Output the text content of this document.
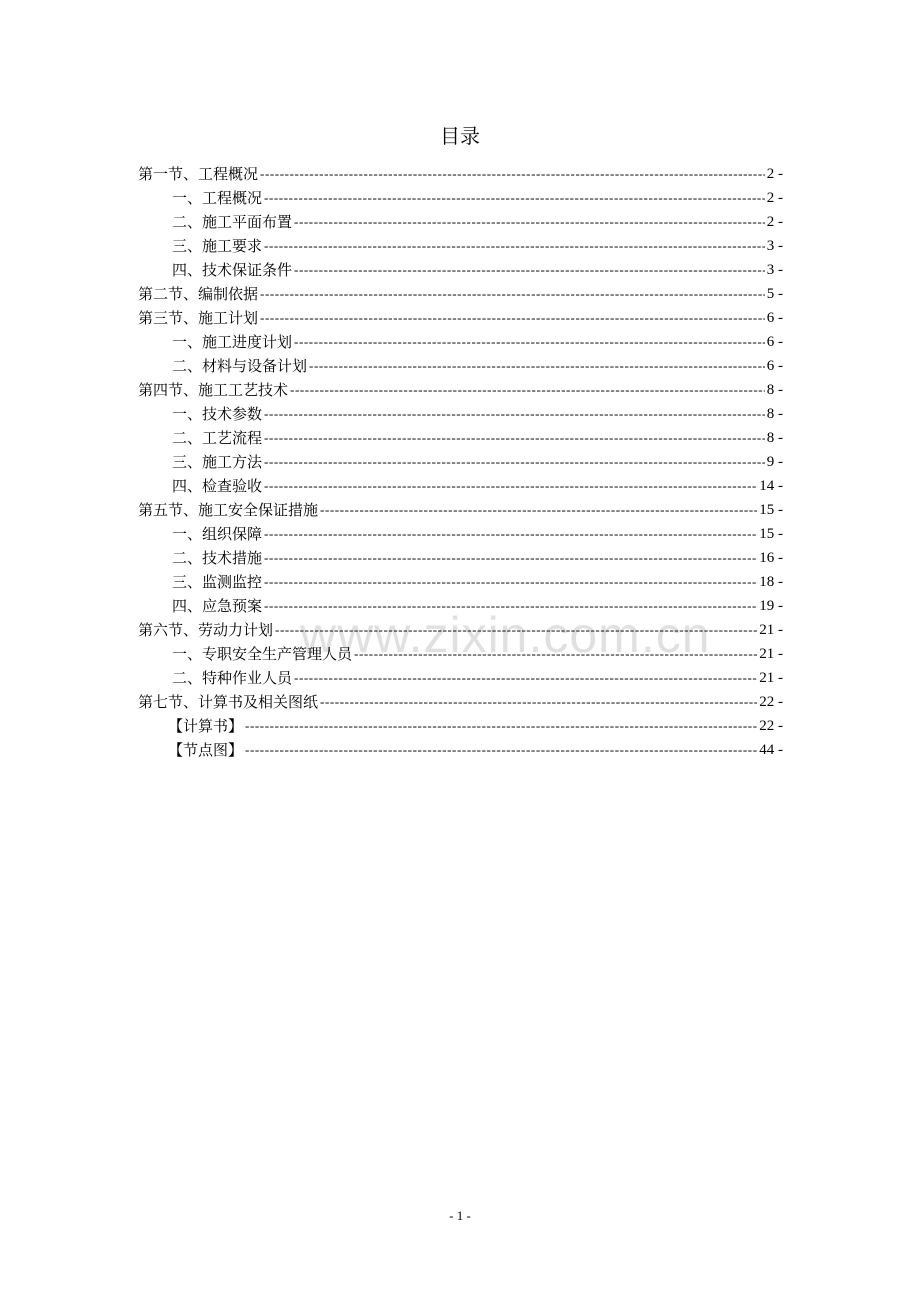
目录
第一节、工程概况 -----	2 -
一、工程概况 -----	2 -
二、施工平面布置 -----	2 -
三、施工要求 -----	3 -
四、技术保证条件 -----	3 -
第二节、编制依据 -----	5 -
第三节、施工计划 -----	6 -
一、施工进度计划 -----	6 -
二、材料与设备计划 -----	6 -
第四节、施工工艺技术 -----	8 -
一、技术参数 -----	8 -
二、工艺流程 -----	8 -
三、施工方法 -----	9 -
四、检查验收 -----	14 -
第五节、施工安全保证措施 -----	15 -
一、组织保障 -----	15 -
二、技术措施 -----	16 -
三、监测监控 -----	18 -
四、应急预案 -----	19 -
第六节、劳动力计划 -----	21 -
一、专职安全生产管理人员 -----	21 -
二、特种作业人员 -----	21 -
第七节、计算书及相关图纸 -----	22 -
【计算书】 -----	22 -
【节点图】 -----	44 -
www.zixin.com.cn
- 1 -
